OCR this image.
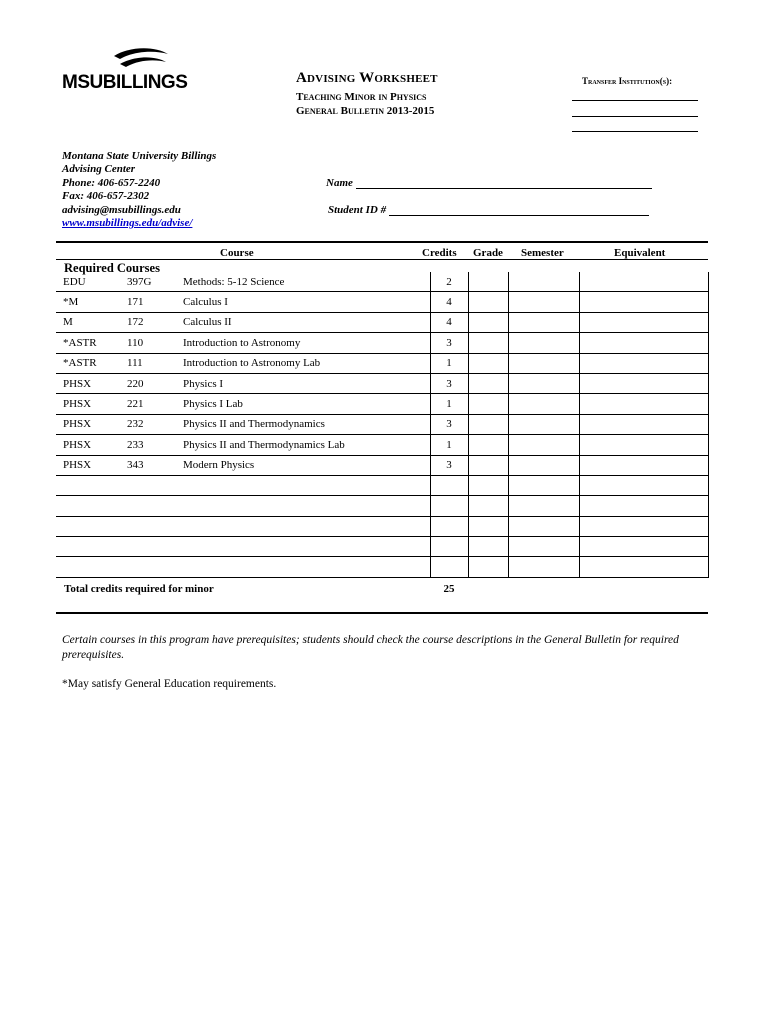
MSUBILLINGS	Advising Worksheet
Teaching Minor in Physics
General Bulletin 2013-2015
Transfer Institution(s):
Montana State University Billings
Advising Center
Phone: 406-657-2240
Fax: 406-657-2302
advising@msubillings.edu
www.msubillings.edu/advise/
Name
Student ID #
Course	Credits Grade Semester	Equivalent
Required Courses
EDU	397G	Methods: 5-12 Science	2			
*M	171	Calculus I	4			
M	172	Calculus II	4			
*ASTR	110	Introduction to Astronomy	3			
*ASTR	111	Introduction to Astronomy Lab	1			
PHSX	220	Physics I	3			
PHSX	221	Physics I Lab	1			
PHSX	232	Physics II and Thermodynamics	3			
PHSX	233	Physics II and Thermodynamics Lab	1			
PHSX	343	Modern Physics	3			

Total credits required for minor	25
Certain courses in this program have prerequisites; students should check the course descriptions in the General Bulletin for required prerequisites.
*May satisfy General Education requirements.
